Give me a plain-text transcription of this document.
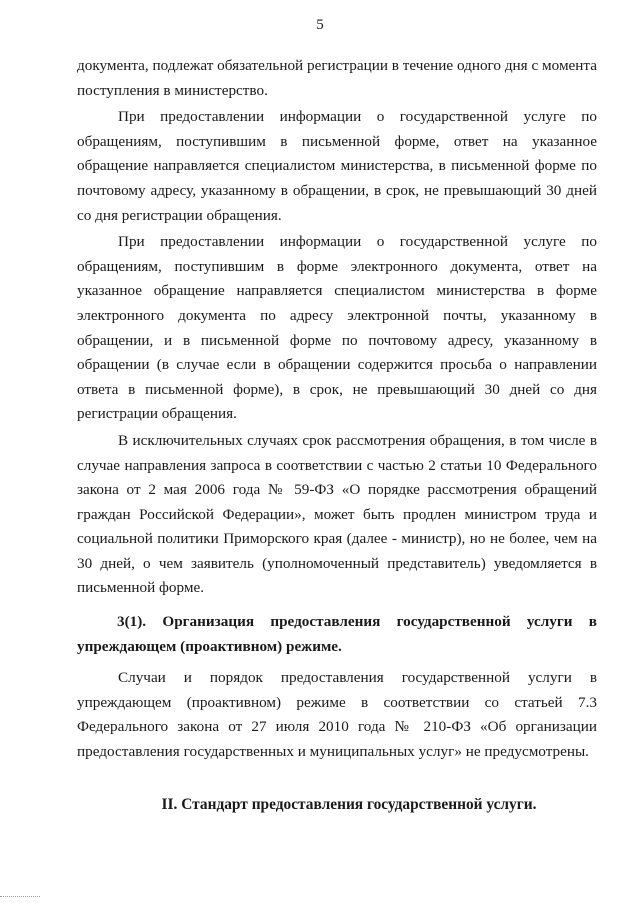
5

документа, подлежат обязательной регистрации в течение одного дня с момента поступления в министерство.

При предоставлении информации о государственной услуге по обращениям, поступившим в письменной форме, ответ на указанное обращение направляется специалистом министерства, в письменной форме по почтовому адресу, указанному в обращении, в срок, не превышающий 30 дней со дня регистрации обращения.

При предоставлении информации о государственной услуге по обращениям, поступившим в форме электронного документа, ответ на указанное обращение направляется специалистом министерства в форме электронного документа по адресу электронной почты, указанному в обращении, и в письменной форме по почтовому адресу, указанному в обращении (в случае если в обращении содержится просьба о направлении ответа в письменной форме), в срок, не превышающий 30 дней со дня регистрации обращения.

В исключительных случаях срок рассмотрения обращения, в том числе в случае направления запроса в соответствии с частью 2 статьи 10 Федерального закона от 2 мая 2006 года № 59-ФЗ «О порядке рассмотрения обращений граждан Российской Федерации», может быть продлен министром труда и социальной политики Приморского края (далее - министр), но не более, чем на 30 дней, о чем заявитель (уполномоченный представитель) уведомляется в письменной форме.

3(1). Организация предоставления государственной услуги в упреждающем (проактивном) режиме.

Случаи и порядок предоставления государственной услуги в упреждающем (проактивном) режиме в соответствии со статьей 7.3 Федерального закона от 27 июля 2010 года № 210-ФЗ «Об организации предоставления государственных и муниципальных услуг» не предусмотрены.

II. Стандарт предоставления государственной услуги.
